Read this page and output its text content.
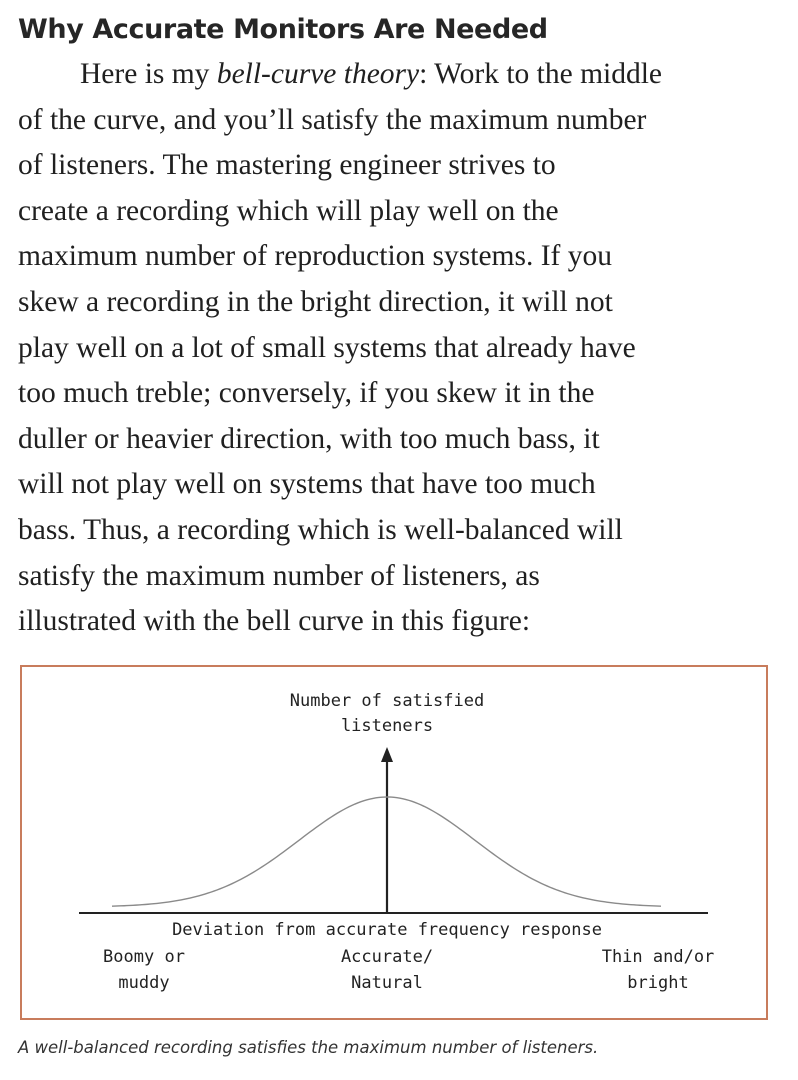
Why Accurate Monitors Are Needed
Here is my bell-curve theory: Work to the middle
of the curve, and you’ll satisfy the maximum number
of listeners. The mastering engineer strives to
create a recording which will play well on the
maximum number of reproduction systems. If you
skew a recording in the bright direction, it will not
play well on a lot of small systems that already have
too much treble; conversely, if you skew it in the
duller or heavier direction, with too much bass, it
will not play well on systems that have too much
bass. Thus, a recording which is well-balanced will
satisfy the maximum number of listeners, as
illustrated with the bell curve in this figure:
Number of satisfied
listeners
Deviation from accurate frequency response
Boomy or
muddy
Accurate/
Natural
Thin and/or
bright
A well-balanced recording satisfies the maximum number of listeners.
